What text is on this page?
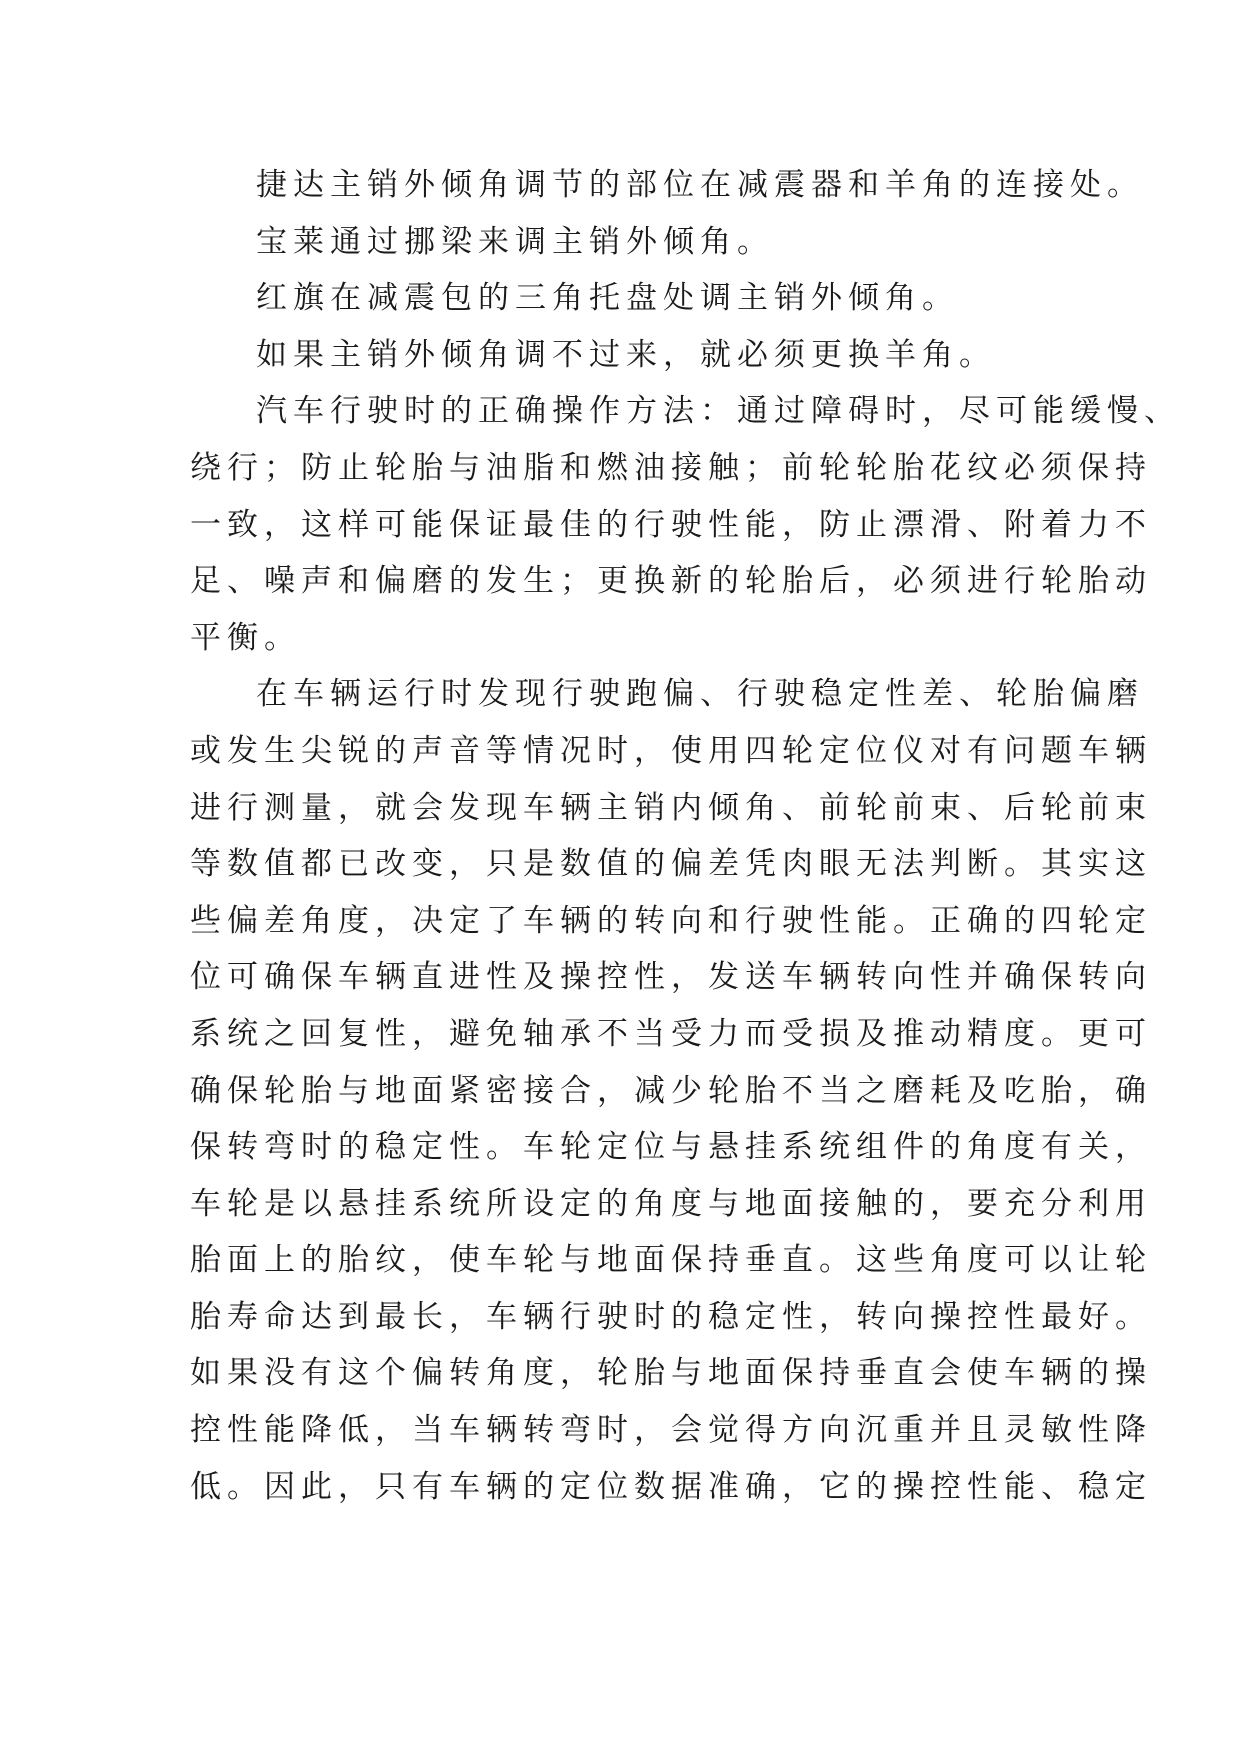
捷达主销外倾角调节的部位在减震器和羊角的连接处。
宝莱通过挪梁来调主销外倾角。
红旗在减震包的三角托盘处调主销外倾角。
如果主销外倾角调不过来，就必须更换羊角。
汽车行驶时的正确操作方法：通过障碍时，尽可能缓慢、
绕行；防止轮胎与油脂和燃油接触；前轮轮胎花纹必须保持
一致，这样可能保证最佳的行驶性能，防止漂滑、附着力不
足、噪声和偏磨的发生；更换新的轮胎后，必须进行轮胎动
平衡。
在车辆运行时发现行驶跑偏、行驶稳定性差、轮胎偏磨
或发生尖锐的声音等情况时，使用四轮定位仪对有问题车辆
进行测量，就会发现车辆主销内倾角、前轮前束、后轮前束
等数值都已改变，只是数值的偏差凭肉眼无法判断。其实这
些偏差角度，决定了车辆的转向和行驶性能。正确的四轮定
位可确保车辆直进性及操控性，发送车辆转向性并确保转向
系统之回复性，避免轴承不当受力而受损及推动精度。更可
确保轮胎与地面紧密接合，减少轮胎不当之磨耗及吃胎，确
保转弯时的稳定性。车轮定位与悬挂系统组件的角度有关，
车轮是以悬挂系统所设定的角度与地面接触的，要充分利用
胎面上的胎纹，使车轮与地面保持垂直。这些角度可以让轮
胎寿命达到最长，车辆行驶时的稳定性，转向操控性最好。
如果没有这个偏转角度，轮胎与地面保持垂直会使车辆的操
控性能降低，当车辆转弯时，会觉得方向沉重并且灵敏性降
低。因此，只有车辆的定位数据准确，它的操控性能、稳定
